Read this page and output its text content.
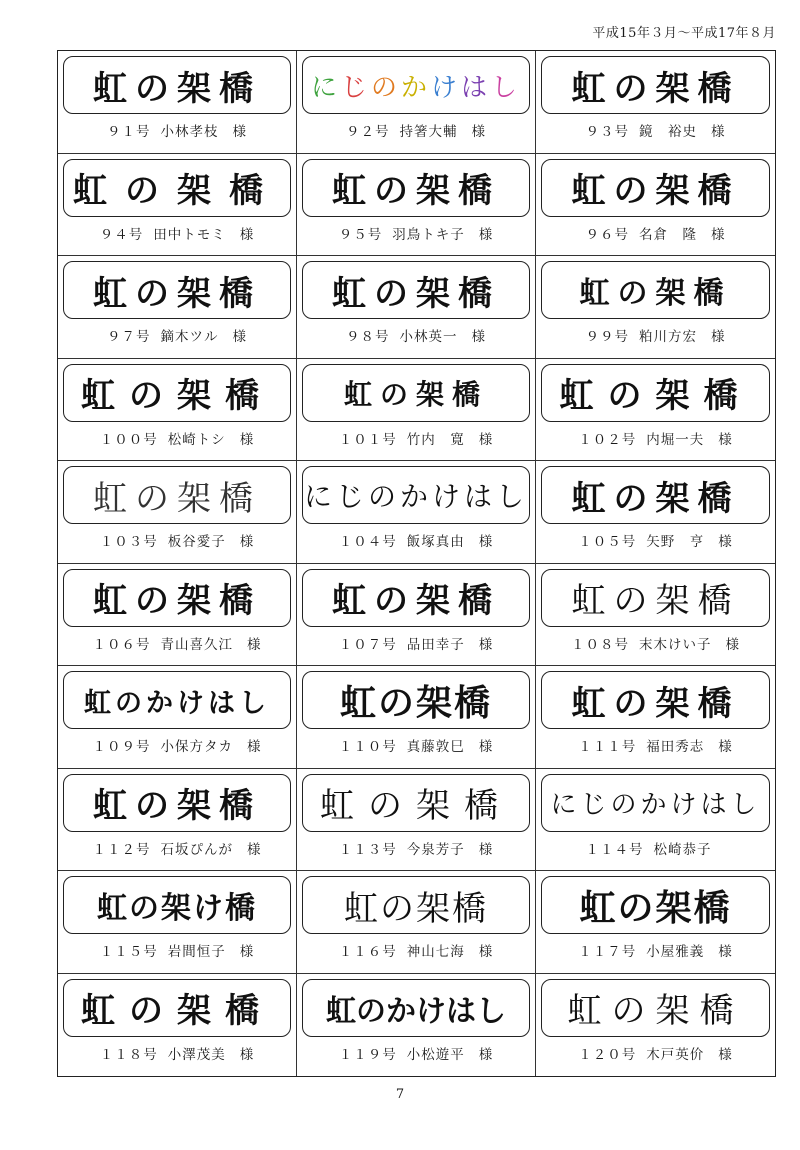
平成15年３月～平成17年８月
虹の架橋
９１号 小林孝枝 様
にじのかけはし
９２号 持箸大輔 様
虹の架橋
９３号 鏡　裕史 様
虹の架橋
９４号 田中トモミ 様
虹の架橋
９５号 羽鳥トキ子 様
虹の架橋
９６号 名倉　隆 様
虹の架橋
９７号 鏑木ツル 様
虹の架橋
９８号 小林英一 様
虹の架橋
９９号 粕川方宏 様
虹の架橋
１００号 松崎トシ 様
虹の架橋
１０１号 竹内　寛 様
虹の架橋
１０２号 内堀一夫 様
虹の架橋
１０３号 板谷愛子 様
にじのかけはし
１０４号 飯塚真由 様
虹の架橋
１０５号 矢野　亨 様
虹の架橋
１０６号 青山喜久江 様
虹の架橋
１０７号 品田幸子 様
虹の架橋
１０８号 末木けい子 様
虹のかけはし
１０９号 小保方タカ 様
虹の架橋
１１０号 真藤敦巳 様
虹の架橋
１１１号 福田秀志 様
虹の架橋
１１２号 石坂ぴんが 様
虹の架橋
１１３号 今泉芳子 様
にじのかけはし
１１４号 松崎恭子
虹の架け橋
１１５号 岩間恒子 様
虹の架橋
１１６号 神山七海 様
虹の架橋
１１７号 小屋雅義 様
虹の架橋
１１８号 小澤茂美 様
虹のかけはし
１１９号 小松遊平 様
虹の架橋
１２０号 木戸英价 様
7
